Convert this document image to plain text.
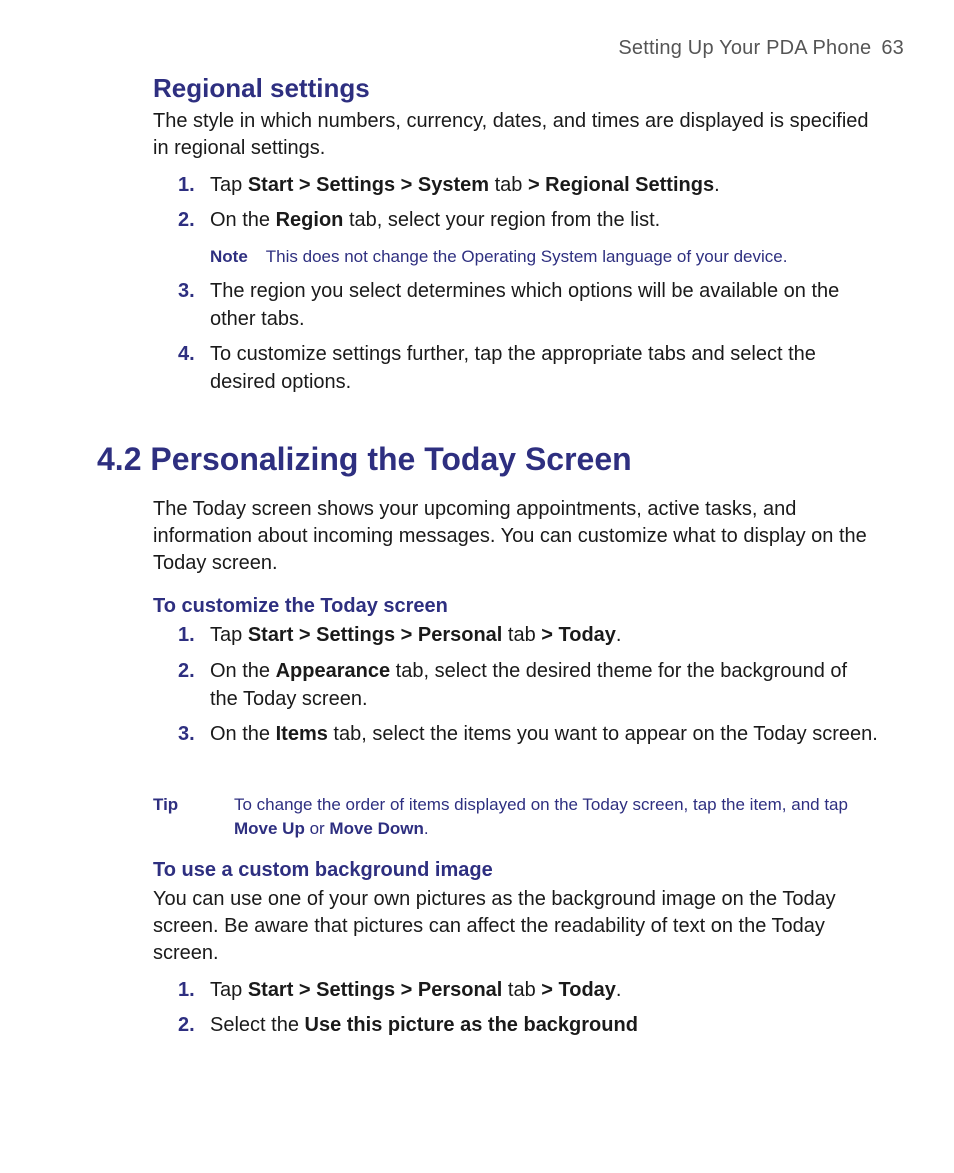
Setting Up Your PDA Phone 63
Regional settings
The style in which numbers, currency, dates, and times are displayed is specified in regional settings.
1. Tap Start > Settings > System tab > Regional Settings.
2. On the Region tab, select your region from the list.
Note This does not change the Operating System language of your device.
3. The region you select determines which options will be available on the other tabs.
4. To customize settings further, tap the appropriate tabs and select the desired options.
4.2 Personalizing the Today Screen
The Today screen shows your upcoming appointments, active tasks, and information about incoming messages. You can customize what to display on the Today screen.
To customize the Today screen
1. Tap Start > Settings > Personal tab > Today.
2. On the Appearance tab, select the desired theme for the background of the Today screen.
3. On the Items tab, select the items you want to appear on the Today screen.
Tip	To change the order of items displayed on the Today screen, tap the item, and tap Move Up or Move Down.
To use a custom background image
You can use one of your own pictures as the background image on the Today screen. Be aware that pictures can affect the readability of text on the Today screen.
1. Tap Start > Settings > Personal tab > Today.
2. Select the Use this picture as the background
